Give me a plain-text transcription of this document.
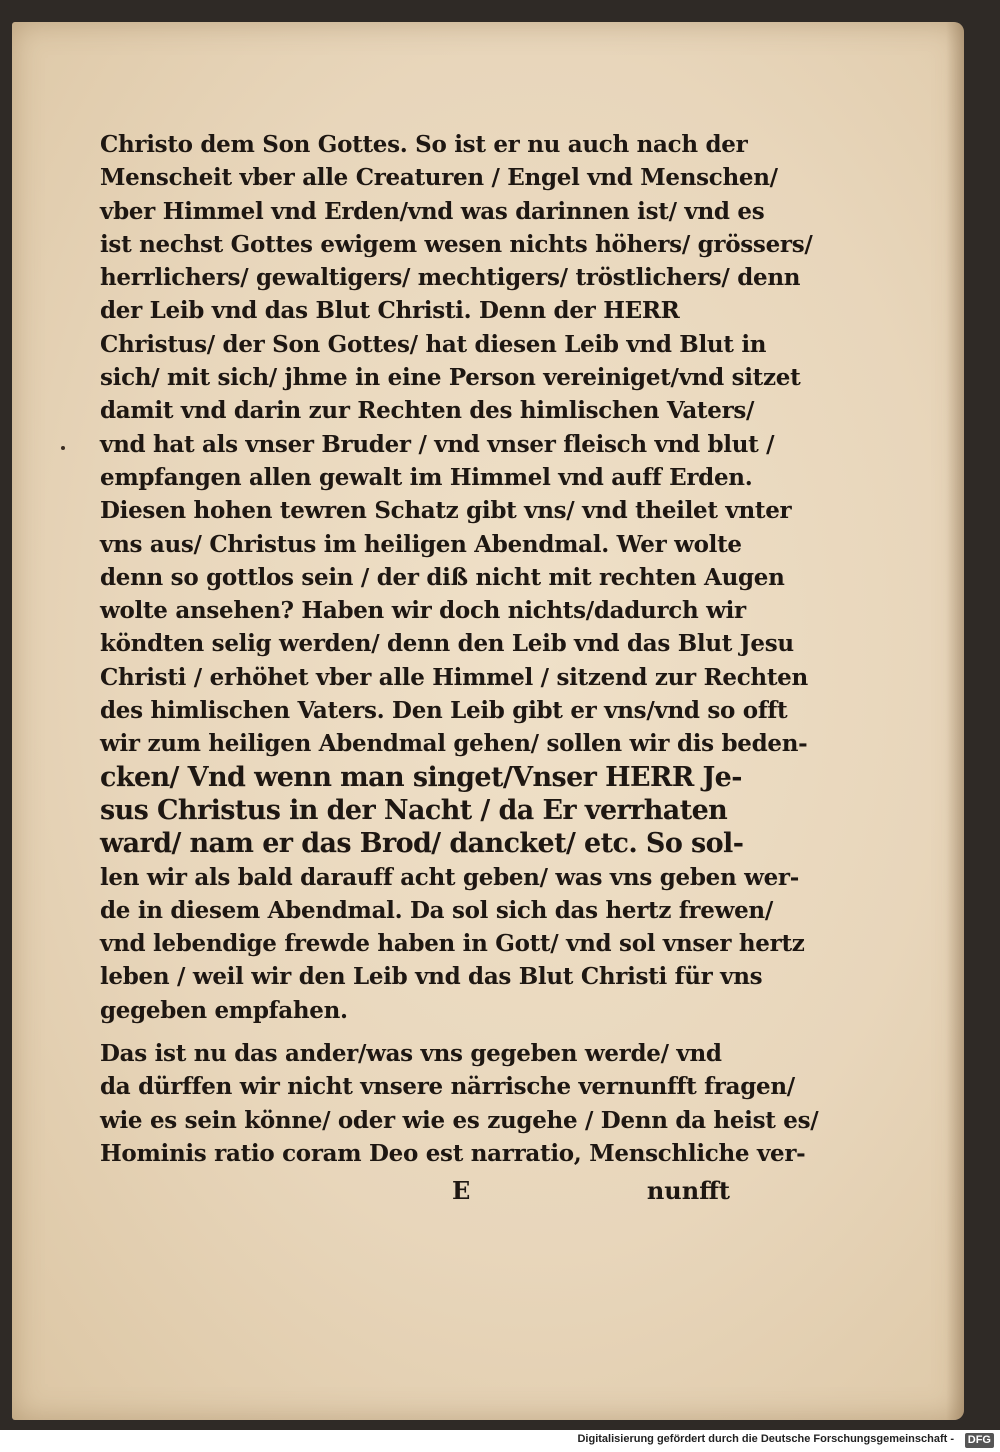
Christo dem Son Gottes. So ist er nu auch nach der
Menscheit vber alle Creaturen / Engel vnd Menschen/
vber Himmel vnd Erden/vnd was darinnen ist/ vnd es
ist nechst Gottes ewigem wesen nichts höhers/ grössers/
herrlichers/ gewaltigers/ mechtigers/ tröstlichers/ denn
der Leib vnd das Blut Christi. Denn der HERR
Christus/ der Son Gottes/ hat diesen Leib vnd Blut in
sich/ mit sich/ jhme in eine Person vereiniget/vnd sitzet
damit vnd darin zur Rechten des himlischen Vaters/
vnd hat als vnser Bruder / vnd vnser fleisch vnd blut /
empfangen allen gewalt im Himmel vnd auff Erden.
Diesen hohen tewren Schatz gibt vns/ vnd theilet vnter
vns aus/ Christus im heiligen Abendmal. Wer wolte
denn so gottlos sein / der diß nicht mit rechten Augen
wolte ansehen? Haben wir doch nichts/dadurch wir
köndten selig werden/ denn den Leib vnd das Blut Jesu
Christi / erhöhet vber alle Himmel / sitzend zur Rechten
des himlischen Vaters. Den Leib gibt er vns/vnd so offt
wir zum heiligen Abendmal gehen/ sollen wir dis beden-
cken/ Vnd wenn man singet/Vnser HERR Je-
sus Christus in der Nacht / da Er verrhaten
ward/ nam er das Brod/ dancket/ etc. So sol-
len wir als bald darauff acht geben/ was vns geben wer-
de in diesem Abendmal. Da sol sich das hertz frewen/
vnd lebendige frewde haben in Gott/ vnd sol vnser hertz
leben / weil wir den Leib vnd das Blut Christi für vns
gegeben empfahen.
Das ist nu das ander/was vns gegeben werde/ vnd
da dürffen wir nicht vnsere närrische vernunfft fragen/
wie es sein könne/ oder wie es zugehe / Denn da heist es/
Hominis ratio coram Deo est narratio, Menschliche ver-
E	nunfft
Digitalisierung gefördert durch die Deutsche Forschungsgemeinschaft - DFG
